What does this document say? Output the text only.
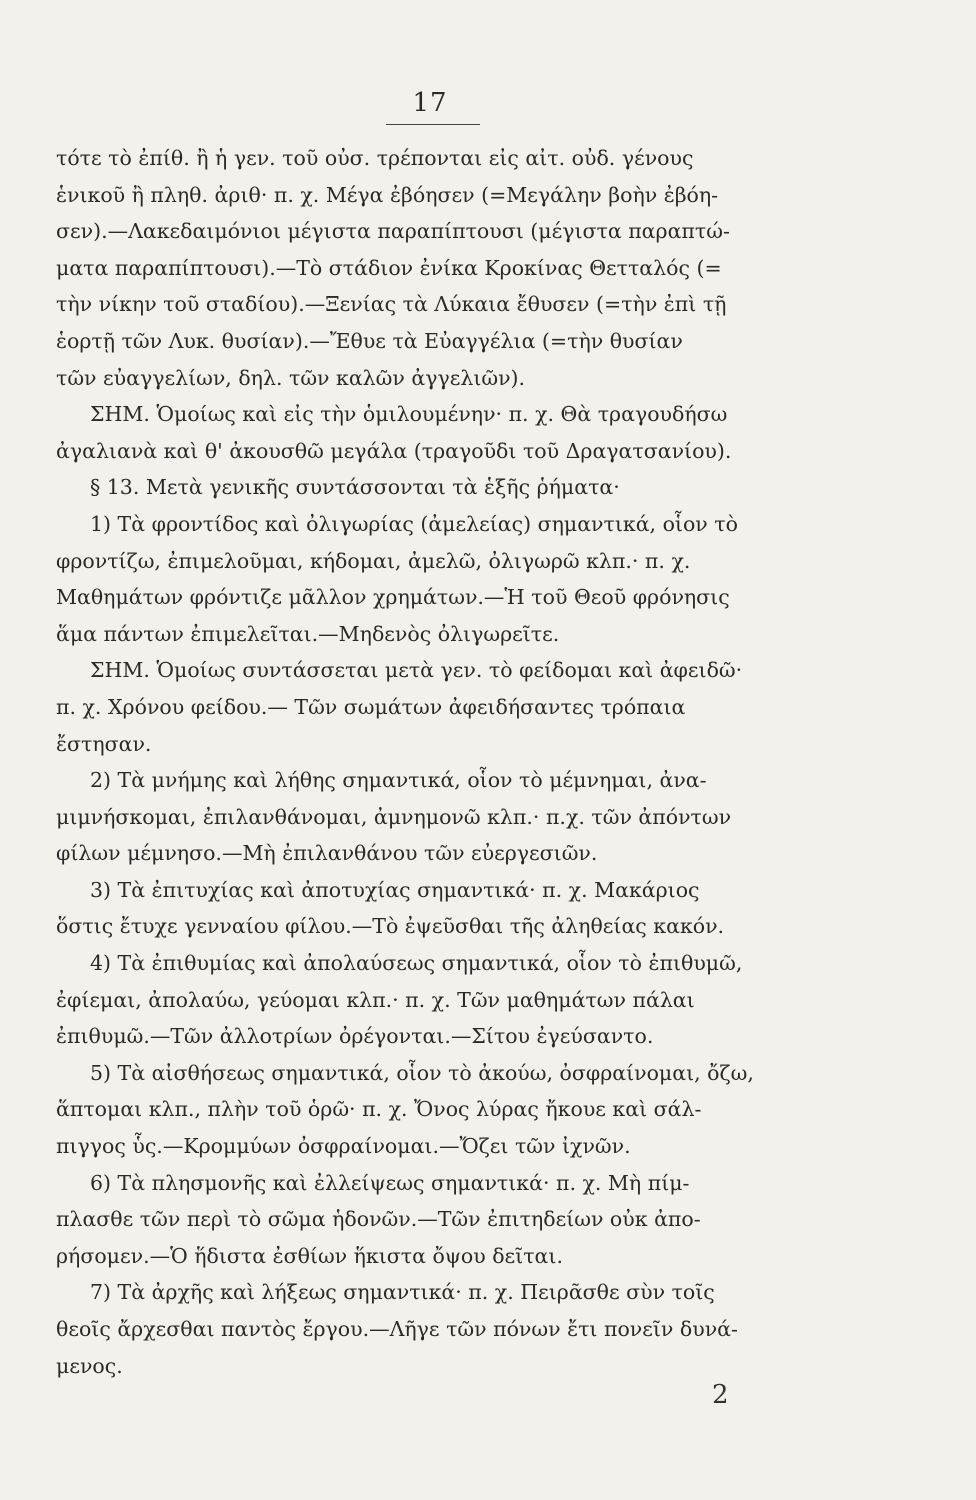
17
τότε τὸ ἐπίθ. ἢ ἡ γεν. τοῦ οὐσ. τρέπονται εἰς αἰτ. οὐδ. γένους
ἑνικοῦ ἢ πληθ. ἀριθ· π. χ. Μέγα ἐβόησεν (=Μεγάλην βοὴν ἐβόη-
σεν).—Λακεδαιμόνιοι μέγιστα παραπίπτουσι (μέγιστα παραπτώ-
ματα παραπίπτουσι).—Τὸ στάδιον ἐνίκα Κροκίνας Θετταλός (=
τὴν νίκην τοῦ σταδίου).—Ξενίας τὰ Λύκαια ἔθυσεν (=τὴν ἐπὶ τῇ
ἑορτῇ τῶν Λυκ. θυσίαν).—Ἔθυε τὰ Εὐαγγέλια (=τὴν θυσίαν
τῶν εὐαγγελίων, δηλ. τῶν καλῶν ἀγγελιῶν).
ΣΗΜ. Ὁμοίως καὶ εἰς τὴν ὁμιλουμένην· π. χ. Θὰ τραγουδήσω
ἀγαλιανὰ καὶ θ' ἀκουσθῶ μεγάλα (τραγοῦδι τοῦ Δραγατσανίου).
§ 13. Μετὰ γενικῆς συντάσσονται τὰ ἑξῆς ῥήματα·
1) Τὰ φροντίδος καὶ ὀλιγωρίας (ἀμελείας) σημαντικά, οἷον τὸ
φροντίζω, ἐπιμελοῦμαι, κήδομαι, ἀμελῶ, ὀλιγωρῶ κλπ.· π. χ.
Μαθημάτων φρόντιζε μᾶλλον χρημάτων.—Ἡ τοῦ Θεοῦ φρόνησις
ἅμα πάντων ἐπιμελεῖται.—Μηδενὸς ὀλιγωρεῖτε.
ΣΗΜ. Ὁμοίως συντάσσεται μετὰ γεν. τὸ φείδομαι καὶ ἀφειδῶ·
π. χ. Χρόνου φείδου.— Τῶν σωμάτων ἀφειδήσαντες τρόπαια
ἔστησαν.
2) Τὰ μνήμης καὶ λήθης σημαντικά, οἷον τὸ μέμνημαι, ἀνα-
μιμνήσκομαι, ἐπιλανθάνομαι, ἀμνημονῶ κλπ.· π.χ. τῶν ἀπόντων
φίλων μέμνησο.—Μὴ ἐπιλανθάνου τῶν εὐεργεσιῶν.
3) Τὰ ἐπιτυχίας καὶ ἀποτυχίας σημαντικά· π. χ. Μακάριος
ὅστις ἔτυχε γενναίου φίλου.—Τὸ ἐψεῦσθαι τῆς ἀληθείας κακόν.
4) Τὰ ἐπιθυμίας καὶ ἀπολαύσεως σημαντικά, οἷον τὸ ἐπιθυμῶ,
ἐφίεμαι, ἀπολαύω, γεύομαι κλπ.· π. χ. Τῶν μαθημάτων πάλαι
ἐπιθυμῶ.—Τῶν ἀλλοτρίων ὀρέγονται.—Σίτου ἐγεύσαντο.
5) Τὰ αἰσθήσεως σημαντικά, οἷον τὸ ἀκούω, ὀσφραίνομαι, ὄζω,
ἅπτομαι κλπ., πλὴν τοῦ ὁρῶ· π. χ. Ὄνος λύρας ἤκουε καὶ σάλ-
πιγγος ὗς.—Κρομμύων ὀσφραίνομαι.—Ὄζει τῶν ἰχνῶν.
6) Τὰ πλησμονῆς καὶ ἐλλείψεως σημαντικά· π. χ. Μὴ πίμ-
πλασθε τῶν περὶ τὸ σῶμα ἡδονῶν.—Τῶν ἐπιτηδείων οὐκ ἀπο-
ρήσομεν.—Ὁ ἥδιστα ἐσθίων ἥκιστα ὄψου δεῖται.
7) Τὰ ἀρχῆς καὶ λήξεως σημαντικά· π. χ. Πειρᾶσθε σὺν τοῖς
θεοῖς ἄρχεσθαι παντὸς ἔργου.—Λῆγε τῶν πόνων ἔτι πονεῖν δυνά-
μενος.
2
